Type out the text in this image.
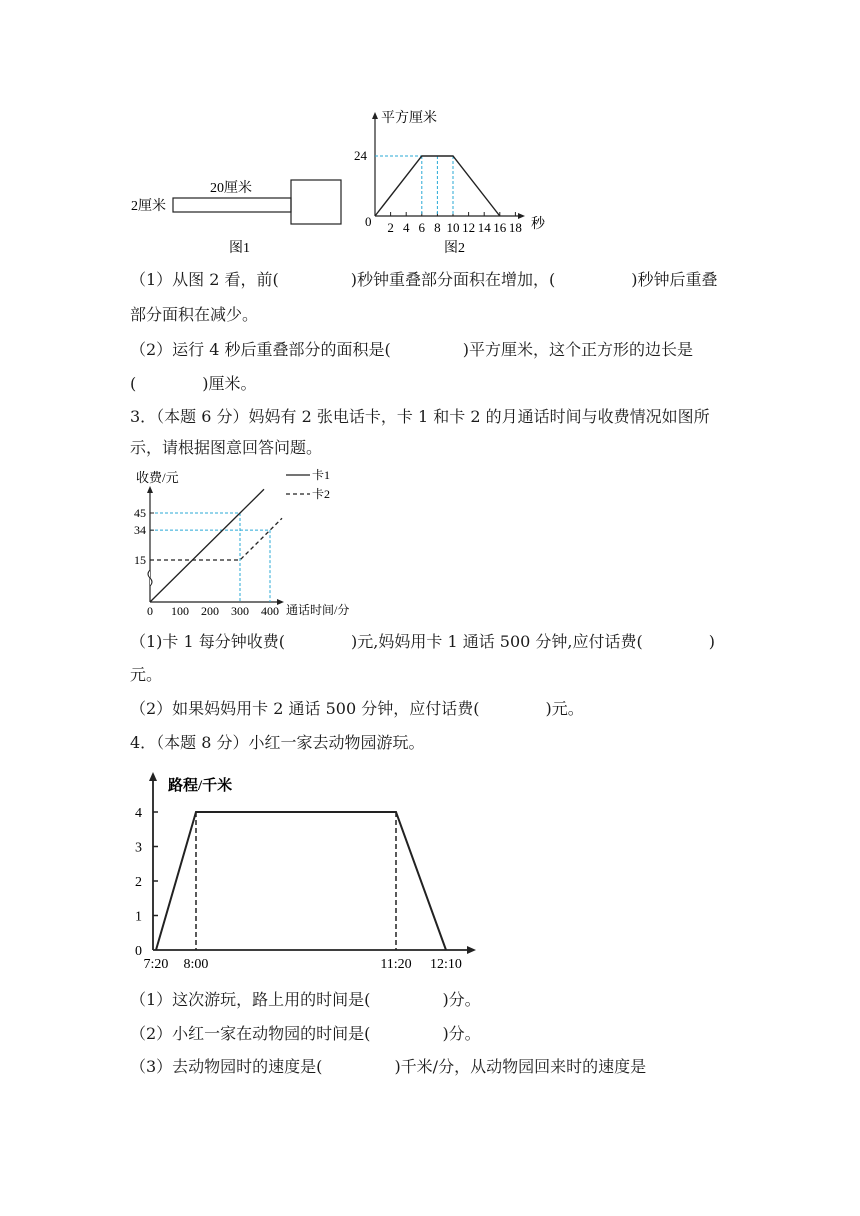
20厘米
2厘米
图1
平方厘米
24
0	秒
2 4 6 8 10 12 14 16 18
图2
（1）从图 2 看，前(	)秒钟重叠部分面积在增加，(	)秒钟后重叠
部分面积在减少。
（2）运行 4 秒后重叠部分的面积是(	)平方厘米，这个正方形的边长是
(	)厘米。
3．（本题 6 分）妈妈有 2 张电话卡，卡 1 和卡 2 的月通话时间与收费情况如图所
示，请根据图意回答问题。
收费/元	卡1
卡2
45
34
15
0 100 200 300 400 通话时间/分
（1)卡 1 每分钟收费(	)元,妈妈用卡 1 通话 500 分钟,应付话费(	)
元。
（2）如果妈妈用卡 2 通话 500 分钟，应付话费(	)元。
4．（本题 8 分）小红一家去动物园游玩。
路程/千米
4
3
2
1
0
7:20 8:00	11:20 12:10
（1）这次游玩，路上用的时间是(	)分。
（2）小红一家在动物园的时间是(	)分。
（3）去动物园时的速度是(	)千米/分，从动物园回来时的速度是
